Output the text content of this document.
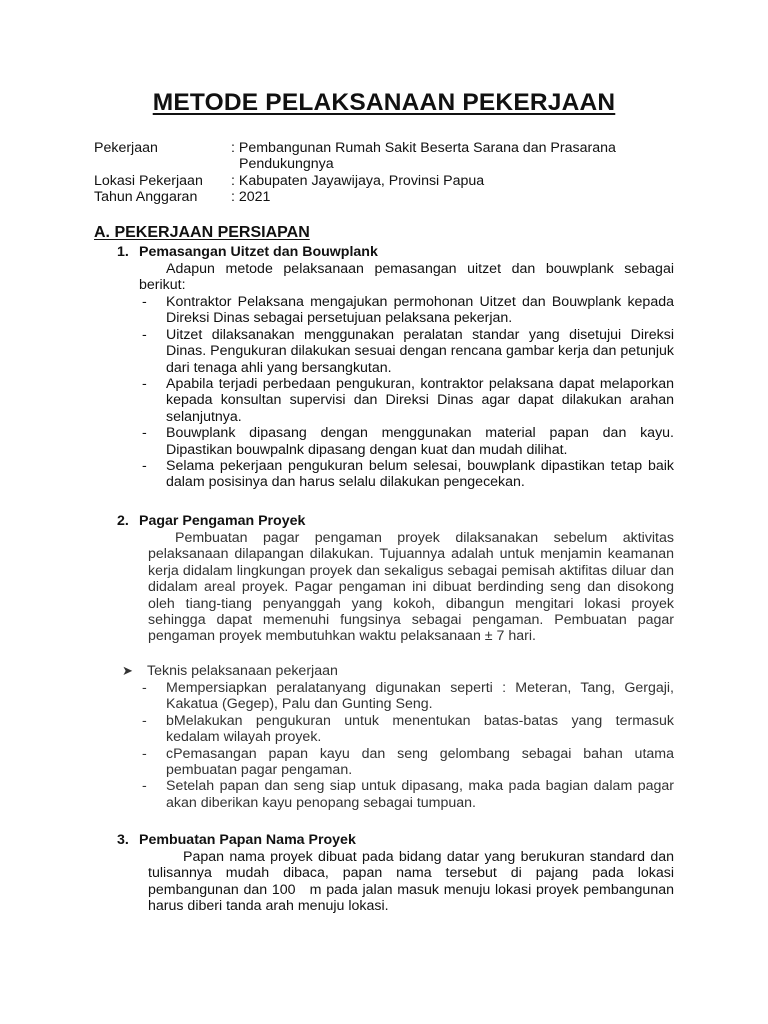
METODE PELAKSANAAN PEKERJAAN
Pekerjaan	: Pembangunan Rumah Sakit Beserta Sarana dan Prasarana
Pendukungnya
Lokasi Pekerjaan	: Kabupaten Jayawijaya, Provinsi Papua
Tahun Anggaran	: 2021
A. PEKERJAAN PERSIAPAN
1. Pemasangan Uitzet dan Bouwplank
Adapun metode pelaksanaan pemasangan uitzet dan bouwplank sebagai berikut:
- Kontraktor Pelaksana mengajukan permohonan Uitzet dan Bouwplank kepada Direksi Dinas sebagai persetujuan pelaksana pekerjan.
- Uitzet dilaksanakan menggunakan peralatan standar yang disetujui Direksi Dinas. Pengukuran dilakukan sesuai dengan rencana gambar kerja dan petunjuk dari tenaga ahli yang bersangkutan.
- Apabila terjadi perbedaan pengukuran, kontraktor pelaksana dapat melaporkan kepada konsultan supervisi dan Direksi Dinas agar dapat dilakukan arahan selanjutnya.
- Bouwplank dipasang dengan menggunakan material papan dan kayu. Dipastikan bouwpalnk dipasang dengan kuat dan mudah dilihat.
- Selama pekerjaan pengukuran belum selesai, bouwplank dipastikan tetap baik dalam posisinya dan harus selalu dilakukan pengecekan.
2. Pagar Pengaman Proyek
Pembuatan pagar pengaman proyek dilaksanakan sebelum aktivitas pelaksanaan dilapangan dilakukan. Tujuannya adalah untuk menjamin keamanan kerja didalam lingkungan proyek dan sekaligus sebagai pemisah aktifitas diluar dan didalam areal proyek. Pagar pengaman ini dibuat berdinding seng dan disokong oleh tiang-tiang penyanggah yang kokoh, dibangun mengitari lokasi proyek sehingga dapat memenuhi fungsinya sebagai pengaman. Pembuatan pagar pengaman proyek membutuhkan waktu pelaksanaan ± 7 hari.
➤ Teknis pelaksanaan pekerjaan
- Mempersiapkan peralatanyang digunakan seperti : Meteran, Tang, Gergaji, Kakatua (Gegep), Palu dan Gunting Seng.
- bMelakukan pengukuran untuk menentukan batas-batas yang termasuk kedalam wilayah proyek.
- cPemasangan papan kayu dan seng gelombang sebagai bahan utama pembuatan pagar pengaman.
- Setelah papan dan seng siap untuk dipasang, maka pada bagian dalam pagar akan diberikan kayu penopang sebagai tumpuan.
3. Pembuatan Papan Nama Proyek
Papan nama proyek dibuat pada bidang datar yang berukuran standard dan tulisannya mudah dibaca, papan nama tersebut di pajang pada lokasi pembangunan dan 100   m pada jalan masuk menuju lokasi proyek pembangunan harus diberi tanda arah menuju lokasi.
